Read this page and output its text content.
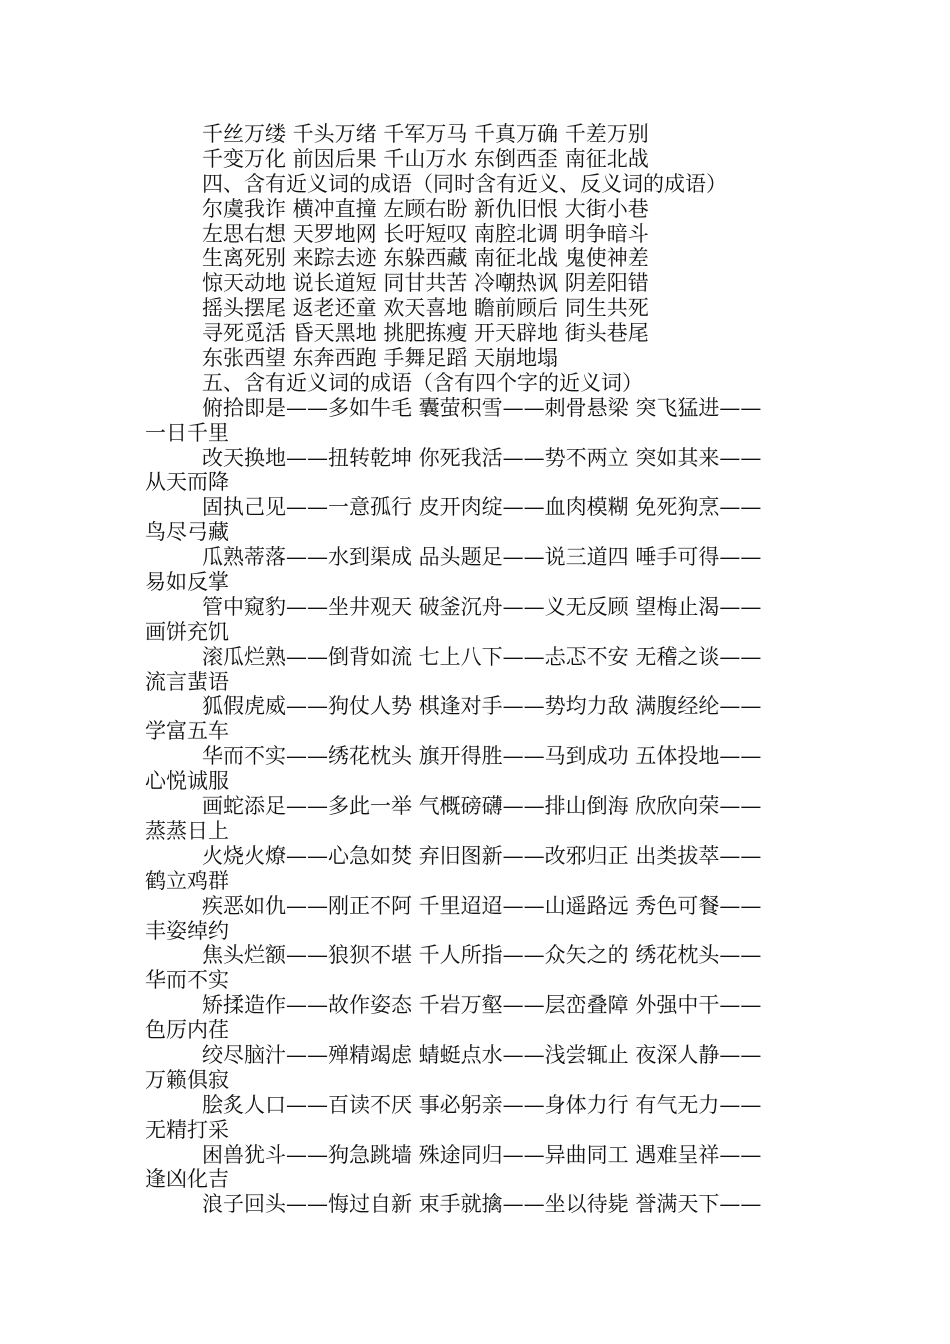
千丝万缕 千头万绪 千军万马 千真万确 千差万别
千变万化 前因后果 千山万水 东倒西歪 南征北战
四、含有近义词的成语（同时含有近义、反义词的成语）
尔虞我诈 横冲直撞 左顾右盼 新仇旧恨 大街小巷
左思右想 天罗地网 长吁短叹 南腔北调 明争暗斗
生离死别 来踪去迹 东躲西藏 南征北战 鬼使神差
惊天动地 说长道短 同甘共苦 冷嘲热讽 阴差阳错
摇头摆尾 返老还童 欢天喜地 瞻前顾后 同生共死
寻死觅活 昏天黑地 挑肥拣瘦 开天辟地 街头巷尾
东张西望 东奔西跑 手舞足蹈 天崩地塌
五、含有近义词的成语（含有四个字的近义词）
俯拾即是——多如牛毛 囊萤积雪——刺骨悬梁 突飞猛进——
一日千里
改天换地——扭转乾坤 你死我活——势不两立 突如其来——
从天而降
固执己见——一意孤行 皮开肉绽——血肉模糊 免死狗烹——
鸟尽弓藏
瓜熟蒂落——水到渠成 品头题足——说三道四 唾手可得——
易如反掌
管中窥豹——坐井观天 破釜沉舟——义无反顾 望梅止渴——
画饼充饥
滚瓜烂熟——倒背如流 七上八下——忐忑不安 无稽之谈——
流言蜚语
狐假虎威——狗仗人势 棋逢对手——势均力敌 满腹经纶——
学富五车
华而不实——绣花枕头 旗开得胜——马到成功 五体投地——
心悦诚服
画蛇添足——多此一举 气概磅礴——排山倒海 欣欣向荣——
蒸蒸日上
火烧火燎——心急如焚 弃旧图新——改邪归正 出类拔萃——
鹤立鸡群
疾恶如仇——刚正不阿 千里迢迢——山遥路远 秀色可餐——
丰姿绰约
焦头烂额——狼狈不堪 千人所指——众矢之的 绣花枕头——
华而不实
矫揉造作——故作姿态 千岩万壑——层峦叠障 外强中干——
色厉内荏
绞尽脑汁——殚精竭虑 蜻蜓点水——浅尝辄止 夜深人静——
万籁俱寂
脍炙人口——百读不厌 事必躬亲——身体力行 有气无力——
无精打采
困兽犹斗——狗急跳墙 殊途同归——异曲同工 遇难呈祥——
逢凶化吉
浪子回头——悔过自新 束手就擒——坐以待毙 誉满天下——
